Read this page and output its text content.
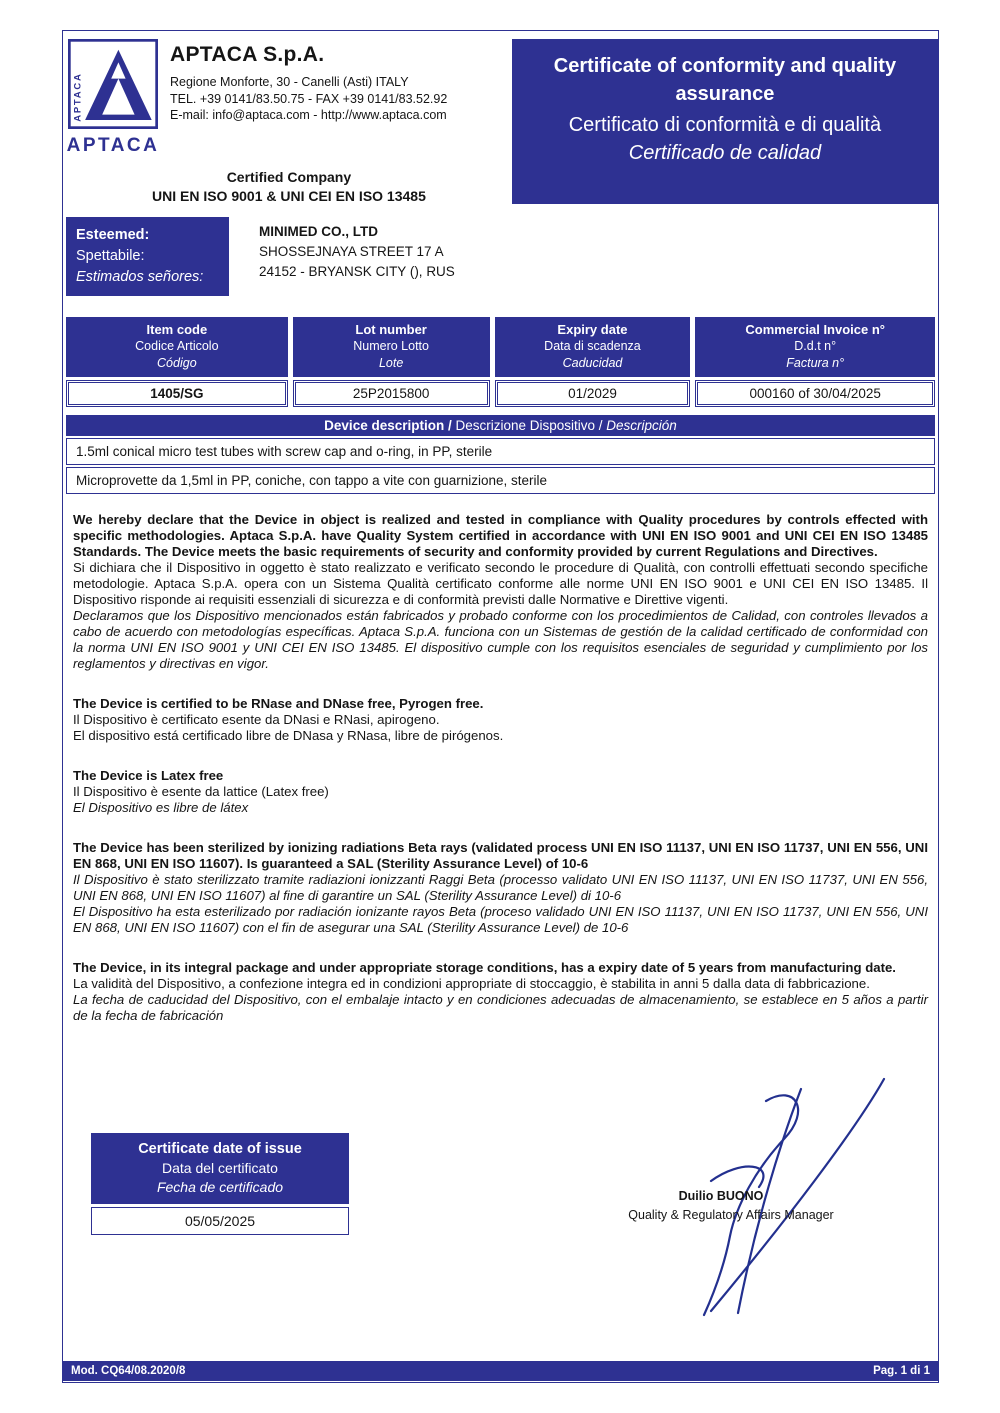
APTACA
APTACA
APTACA S.p.A.
Regione Monforte, 30 - Canelli (Asti) ITALY
TEL. +39 0141/83.50.75 - FAX +39 0141/83.52.92
E-mail: info@aptaca.com - http://www.aptaca.com
Certified Company
UNI EN ISO 9001 & UNI CEI EN ISO 13485
Certificate of conformity and quality assurance
Certificato di conformità e di qualità
Certificado de calidad
Esteemed:
Spettabile:
Estimados señores:
MINIMED CO., LTD
SHOSSEJNAYA STREET 17 A
24152 - BRYANSK CITY (), RUS
Item code
Codice Articolo
Código
1405/SG
Lot number
Numero Lotto
Lote
25P2015800
Expiry date
Data di scadenza
Caducidad
01/2029
Commercial Invoice n°
D.d.t n°
Factura n°
000160 of 30/04/2025
Device description / Descrizione Dispositivo / Descripción
1.5ml conical micro test tubes with screw cap and o-ring, in PP, sterile
Microprovette da 1,5ml in PP, coniche, con tappo a vite con guarnizione, sterile

We hereby declare that the Device in object is realized and tested in compliance with Quality procedures by controls effected with specific methodologies. Aptaca S.p.A. have Quality System certified in accordance with UNI EN ISO 9001 and UNI CEI EN ISO 13485 Standards. The Device meets the basic requirements of security and conformity provided by current Regulations and Directives.

Si dichiara che il Dispositivo in oggetto è stato realizzato e verificato secondo le procedure di Qualità, con controlli effettuati secondo specifiche metodologie. Aptaca S.p.A. opera con un Sistema Qualità certificato conforme alle norme UNI EN ISO 9001 e UNI CEI EN ISO 13485. Il Dispositivo risponde ai requisiti essenziali di sicurezza e di conformità previsti dalle Normative e Direttive vigenti.

Declaramos que los Dispositivo mencionados están fabricados y probado conforme con los procedimientos de Calidad, con controles llevados a cabo de acuerdo con metodologías específicas. Aptaca S.p.A. funciona con un Sistemas de gestión de la calidad certificado de conformidad con la norma UNI EN ISO 9001 y UNI CEI EN ISO 13485. El dispositivo cumple con los requisitos esenciales de seguridad y cumplimiento por los reglamentos y directivas en vigor.

The Device is certified to be RNase and DNase free, Pyrogen free.

Il Dispositivo è certificato esente da DNasi e RNasi, apirogeno.

El dispositivo está certificado libre de DNasa y RNasa, libre de pirógenos.

The Device is Latex free

Il Dispositivo è esente da lattice (Latex free)

El Dispositivo es libre de látex

The Device has been sterilized by ionizing radiations Beta rays (validated process UNI EN ISO 11137, UNI EN ISO 11737, UNI EN 556, UNI EN 868, UNI EN ISO 11607). Is guaranteed a SAL (Sterility Assurance Level) of 10-6

Il Dispositivo è stato sterilizzato tramite radiazioni ionizzanti Raggi Beta (processo validato UNI EN ISO 11137, UNI EN ISO 11737, UNI EN 556, UNI EN 868, UNI EN ISO 11607) al fine di garantire un SAL (Sterility Assurance Level) di 10-6

El Dispositivo ha esta esterilizado por radiación ionizante rayos Beta (proceso validado UNI EN ISO 11137, UNI EN ISO 11737, UNI EN 556, UNI EN 868, UNI EN ISO 11607) con el fin de asegurar una SAL (Sterility Assurance Level) de 10-6

The Device, in its integral package and under appropriate storage conditions, has a expiry date of 5 years from manufacturing date.

La validità del Dispositivo, a confezione integra ed in condizioni appropriate di stoccaggio, è stabilita in anni 5 dalla data di fabbricazione.

La fecha de caducidad del Dispositivo, con el embalaje intacto y en condiciones adecuadas de almacenamiento, se establece en 5 años a partir de la fecha de fabricación

Certificate date of issue
Data del certificato
Fecha de certificado
05/05/2025
Duilio BUONO
Quality & Regulatory Affairs Manager
Mod. CQ64/08.2020/8	Pag. 1 di 1
